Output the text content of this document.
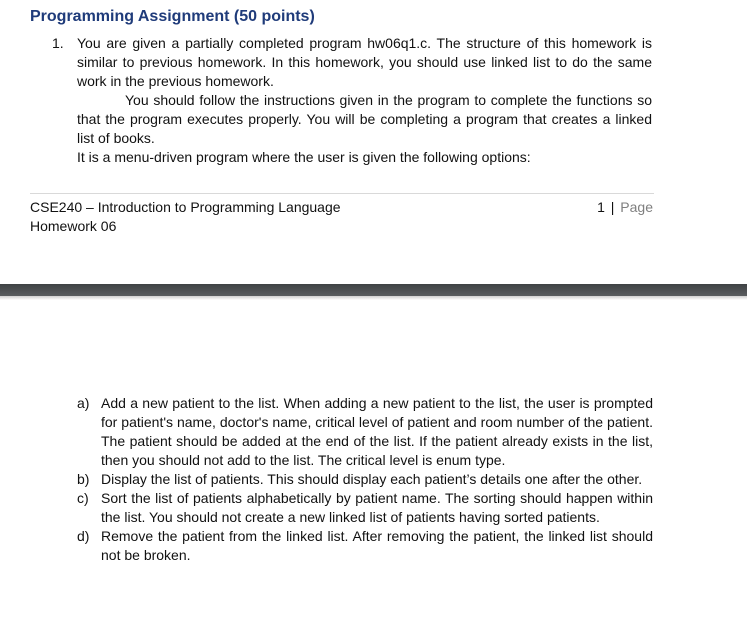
Programming Assignment (50 points)
1. You are given a partially completed program hw06q1.c. The structure of this homework is similar to previous homework. In this homework, you should use linked list to do the same work in the previous homework.

You should follow the instructions given in the program to complete the functions so that the program executes properly. You will be completing a program that creates a linked list of books.

It is a menu-driven program where the user is given the following options:

CSE240 – Introduction to Programming Language
Homework 06
1 | Page
a) Add a new patient to the list. When adding a new patient to the list, the user is prompted for patient's name, doctor's name, critical level of patient and room number of the patient. The patient should be added at the end of the list. If the patient already exists in the list, then you should not add to the list. The critical level is enum type.
b) Display the list of patients. This should display each patient’s details one after the other.
c) Sort the list of patients alphabetically by patient name. The sorting should happen within the list. You should not create a new linked list of patients having sorted patients.
d) Remove the patient from the linked list. After removing the patient, the linked list should not be broken.
